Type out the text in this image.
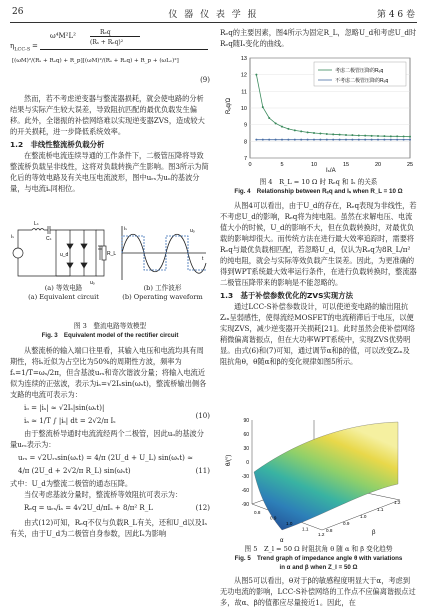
26	仪 器 仪 表 学 报	第 4 6 卷
$\eta_{LCC-S}$ =
ω⁴M²L²	Rₑq
(Rₛ + Rₑq)²
[(ωM)²/(Rₛ + Rₑq) + R_p][(ωM)²/(Rₛ + Rₑq) + R_p + (ωLₓ)²]
(9)

然而，若不考虑逆变器与整流器损耗，就会使电路的分析结果与实际产生较大误差，导致阻抗匹配的最优负载发生偏移。此外，全谐振的补偿网络难以实现逆变器ZVS，造成较大的开关损耗，进一步降低系统效率。

1.2　非线性整流桥负载分析

在整流桥电流连续导通的工作条件下，二极管压降将导致整流桥负载呈非线性，这将对负载转换产生影响。图3所示为简化后的等效电路及有关电压电流波形，图中uᵣₛ为uₒ的基波分量，与电流iₛ同相位。

Lₛ
Cₛ
R_L
u_d
iₛ
uₒ
t
iₛ	uₒ
(a) 等效电路
(a) Equivalent circuit
(b) 工作波形
(b) Operating waveform
图 3　整流电路等效模型
Fig. 3　Equivalent model of the rectifier circuit

从整流桥的输入端口往里看，其输入电压和电流均具有周期性，将iₛ近似为占空比为50%的周期性方波，频率为fₛ=1/T=ωₛ/2π，但含基波uᵣₛ和奇次谐波分量；将输入电流近似为连续的正弦波，表示为iₛ=√2Iₛsin(ωₛt)，整流桥输出侧各支路的电流可表示为：

iₒ = |iₛ| ≈ √2Iₛ|sin(ωₛt)|
iₐ ≈ 1/T ∫ |iₛ| dt = 2√2/π Iₛ
(10)

由于整流桥导通时电流流经两个二极管，因此uₒ的基波分量uᵣₛ表示为：

uᵣₛ = √2Uᵣₛsin(ωₛt) = 4/π (2U_d + U_L) sin(ωₛt) ≈
4/π (2U_d + 2√2/π R_L) sin(ωₛt)	(11)

式中：U_d为整流二极管的通态压降。

当仅考虑基波分量时，整流桥等效阻抗可表示为：

Rₑq = uᵣₛ/iₛ = 4√2U_d/πIₛ + 8/π² R_L	(12)

由式(12)可知，Rₑq不仅与负载R_L有关，还和U_d以及Iₛ有关，由于U_d为二极管自身参数，因此Iₛ为影响

Rₑq的主要因素，图4所示为固定R_L，忽略U_d和考虑U_d时Rₑq随Iₛ变化的曲线。

7
8
9
10
11
12
13
0	5	10	15	20	25
考虑二极管压降的Rₑq
不考虑二极管压降的Rₑq
Rₑq/Ω
Iₛ/A
图 4　R_L = 10 Ω 时 Rₑq 和 Iₛ 的关系
Fig. 4　Relationship between Rₑq and Iₛ when R_L = 10 Ω

从图4可以看出，由于U_d的存在，Rₑq表现为非线性，若不考虑U_d的影响，Rₑq将为纯电阻。虽然在求解电压、电流值大小的时候，U_d的影响不大，但在负载转换时，对最优负载的影响却很大。而传统方法在进行最大效率追踪时，需要将Rₑq与最优负载相匹配，若忽略U_d，仅认为Rₑq为8R_L/π²的纯电阻，就会与实际等效负载产生误差。因此，为更准确的得到WPT系统最大效率运行条件，在进行负载转换时，整流器二极管压降带来的影响是不能忽略的。

1.3　基于补偿参数优化的ZVS实现方法

通过LCC-S补偿参数设计，可以使逆变电路的输出阻抗Zᵢₙ呈弱感性，使得流经MOSFET的电流稍滞后于电压，以便实现ZVS，减少逆变器开关损耗[21]。此时虽然会使补偿网络稍微偏离谐振点，但在大功率WPT系统中，实现ZVS优势明显。由式(6)和(7)可知，通过调节α和β的值，可以改变Zᵢₙ及阻抗角θ，θ随α和β的变化规律如图5所示。

-90
-60
-30
0
30
60
90
0.8
0.9
1.0
1.1
1.2
0.8
0.9
1.0
1.1
1.2
θ/(°)
α
β
图 5　Z_l = 50 Ω 时阻抗角 θ 随 α 和 β 变化趋势
Fig. 5　Trend graph of impedance angle θ with variations
in α and β when Z_l = 50 Ω

从图5可以看出，θ对于β的敏感程度明显大于α，考虑到无功电流的影响，LCC-S补偿网络的工作点不应偏离谐振点过多，故α、β的值都应尽量接近1。因此，在
